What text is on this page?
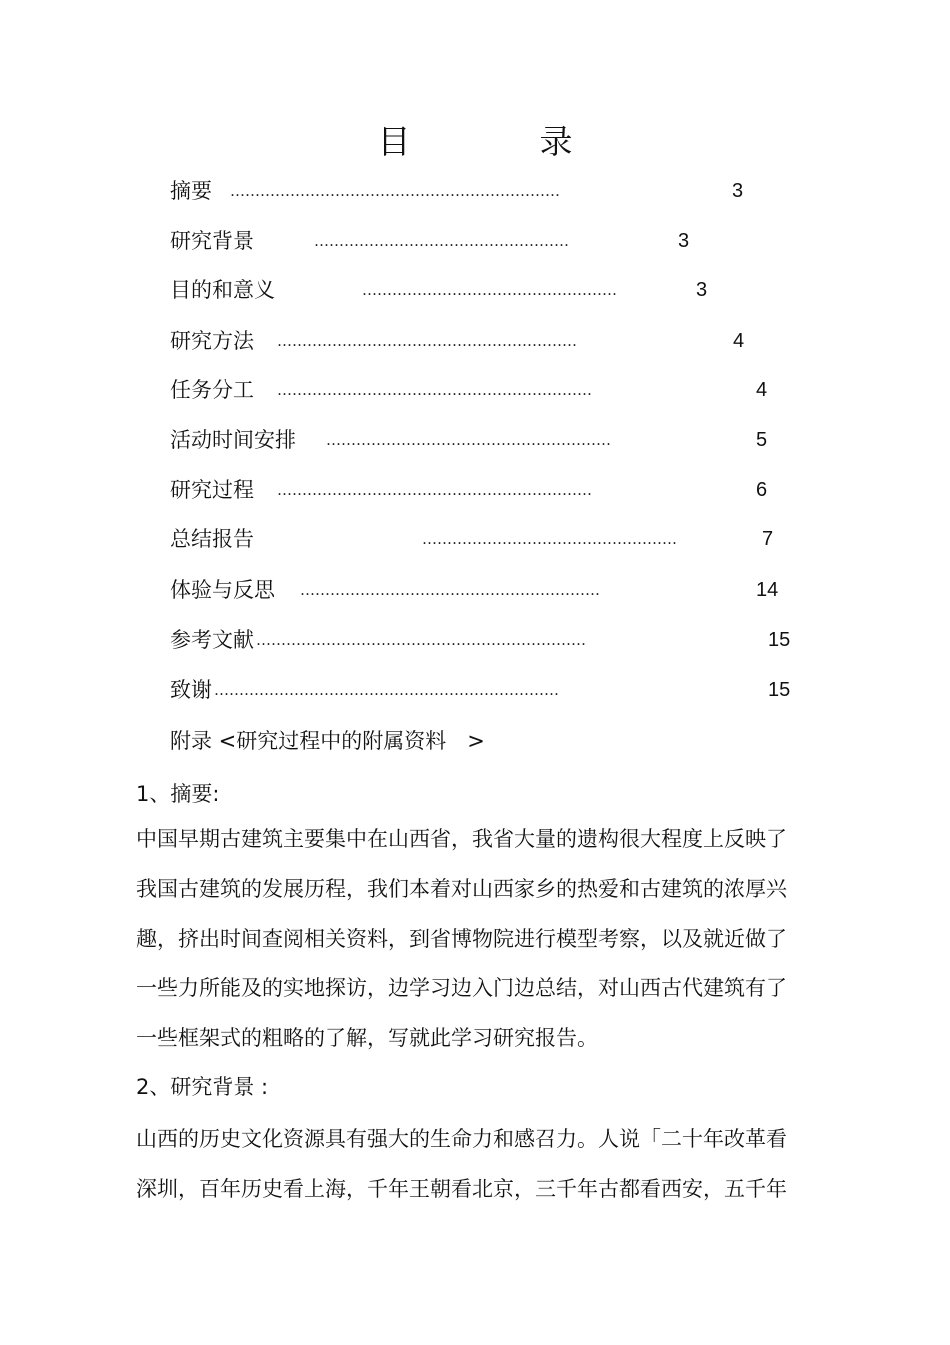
目　录
摘要 …………………………………………………………	3
研究背景	……………………………………………	3
目的和意义	……………………………………………	3
研究方法 ……………………………………………………	4
任务分工 ………………………………………………………	4
活动时间安排 …………………………………………………	5
研究过程 ………………………………………………………	6
总结报告	……………………………………………	7
体验与反思 ……………………………………………………	14
参考文献 …………………………………………………………	15
致谢 ……………………………………………………………	15
附录 <研究过程中的附属资料　>
1、摘要:
中国早期古建筑主要集中在山西省，我省大量的遗构很大程度上反映了
我国古建筑的发展历程，我们本着对山西家乡的热爱和古建筑的浓厚兴
趣，挤出时间查阅相关资料，到省博物院进行模型考察，以及就近做了
一些力所能及的实地探访，边学习边入门边总结，对山西古代建筑有了
一些框架式的粗略的了解，写就此学习研究报告。
2、研究背景 :
山西的历史文化资源具有强大的生命力和感召力。人说「二十年改革看
深圳，百年历史看上海，千年王朝看北京，三千年古都看西安，五千年
